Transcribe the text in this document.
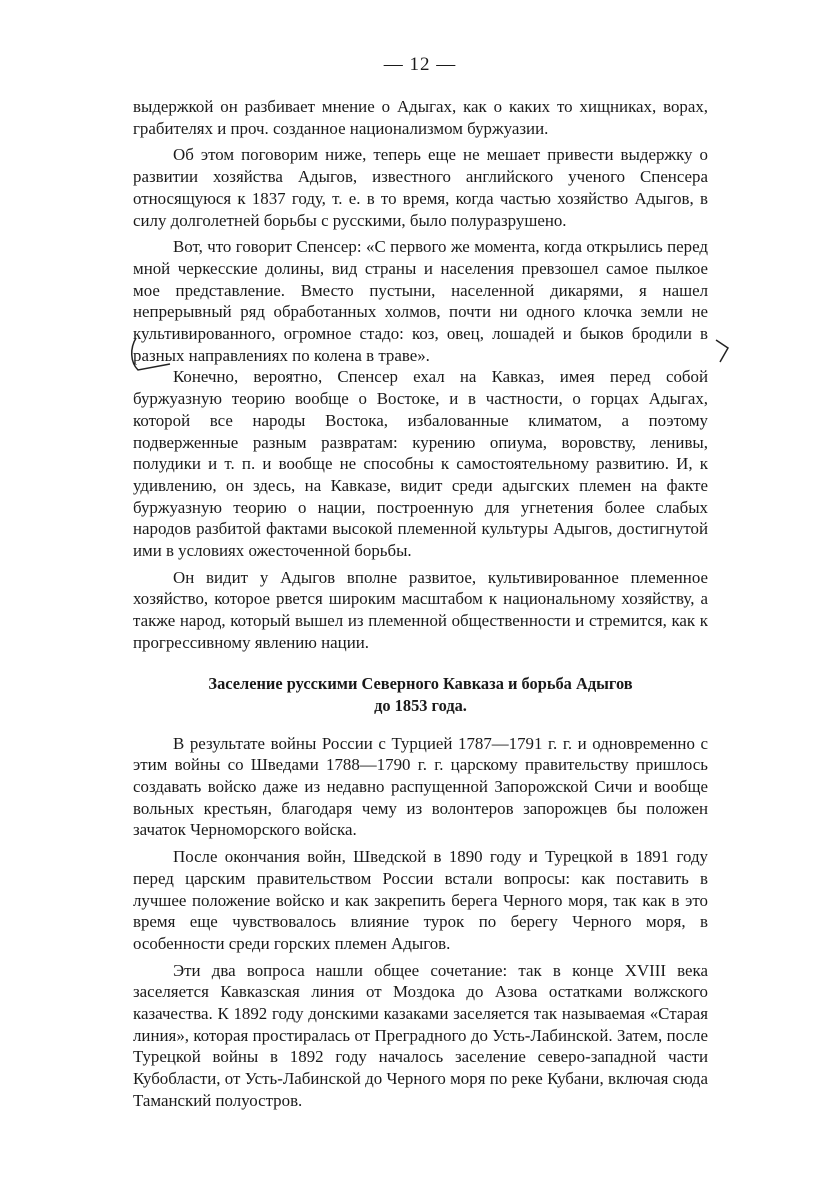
— 12 —

выдержкой он разбивает мнение о Адыгах, как о каких то хищниках, ворах, грабителях и проч. созданное национализмом буржуазии.

Об этом поговорим ниже, теперь еще не мешает привести выдержку о развитии хозяйства Адыгов, известного английского ученого Спенсера относящуюся к 1837 году, т. е. в то время, когда частью хозяйство Адыгов, в силу долголетней борьбы с русскими, было полуразрушено.

Вот, что говорит Спенсер: «С первого же момента, когда открылись перед мной черкесские долины, вид страны и населения превзошел самое пылкое мое представление. Вместо пустыни, населенной дикарями, я нашел непрерывный ряд обработанных холмов, почти ни одного клочка земли не культивированного, огромное стадо: коз, овец, лошадей и быков бродили в разных направлениях по колена в траве».

Конечно, вероятно, Спенсер ехал на Кавказ, имея перед собой буржуазную теорию вообще о Востоке, и в частности, о горцах Адыгах, которой все народы Востока, избалованные климатом, а поэтому подверженные разным развратам: курению опиума, воровству, ленивы, полудики и т. п. и вообще не способны к самостоятельному развитию. И, к удивлению, он здесь, на Кавказе, видит среди адыгских племен на факте буржуазную теорию о нации, построенную для угнетения более слабых народов разбитой фактами высокой племенной культуры Адыгов, достигнутой ими в условиях ожесточенной борьбы.

Он видит у Адыгов вполне развитое, культивированное племенное хозяйство, которое рвется широким масштабом к национальному хозяйству, а также народ, который вышел из племенной общественности и стремится, как к прогрессивному явлению нации.

Заселение русскими Северного Кавказа и борьба Адыгов
до 1853 года.

В результате войны России с Турцией 1787—1791 г. г. и одновременно с этим войны со Шведами 1788—1790 г. г. царскому правительству пришлось создавать войско даже из недавно распущенной Запорожской Сичи и вообще вольных крестьян, благодаря чему из волонтеров запорожцев бы положен зачаток Черноморского войска.

После окончания войн, Шведской в 1890 году и Турецкой в 1891 году перед царским правительством России встали вопросы: как поставить в лучшее положение войско и как закрепить берега Черного моря, так как в это время еще чувствовалось влияние турок по берегу Черного моря, в особенности среди горских племен Адыгов.

Эти два вопроса нашли общее сочетание: так в конце XVIII века заселяется Кавказская линия от Моздока до Азова остатками волжского казачества. К 1892 году донскими казаками заселяется так называемая «Старая линия», которая простиралась от Преградного до Усть-Лабинской. Затем, после Турецкой войны в 1892 году началось заселение северо-западной части Кубобласти, от Усть-Лабинской до Черного моря по реке Кубани, включая сюда Таманский полуостров.
